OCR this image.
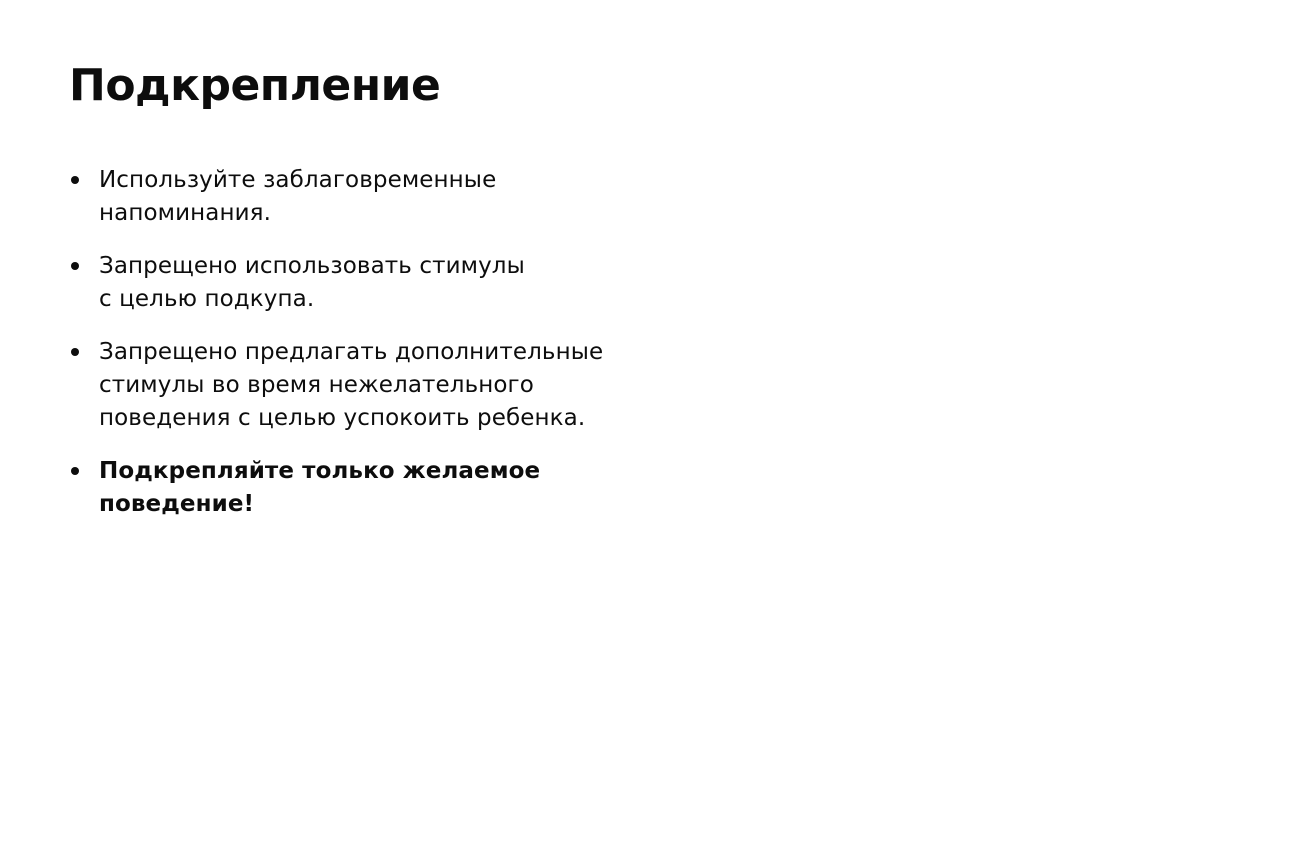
Подкрепление
Используйте заблаговременные
напоминания.
Запрещено использовать стимулы
с целью подкупа.
Запрещено предлагать дополнительные
стимулы во время нежелательного
поведения с целью успокоить ребенка.
Подкрепляйте только желаемое
поведение!
